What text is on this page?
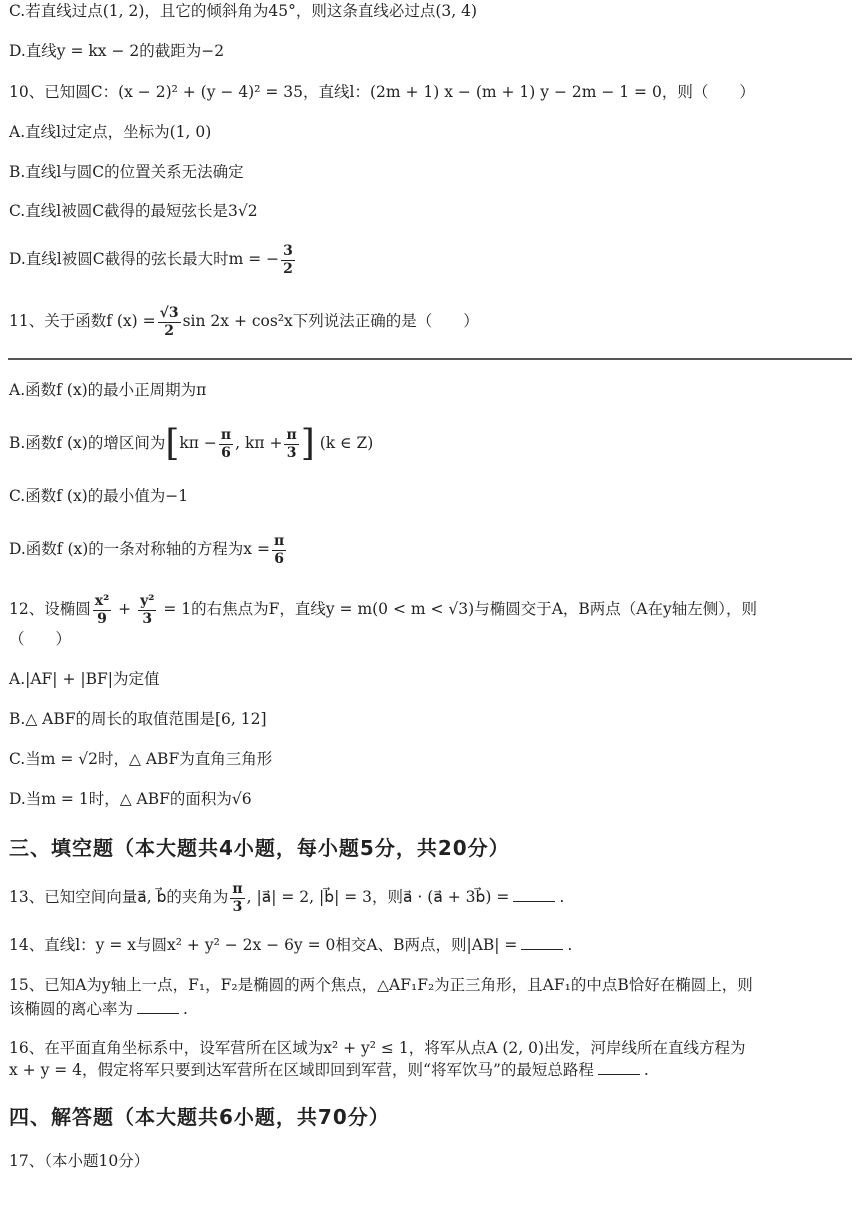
C.若直线过点(1, 2)，且它的倾斜角为45°，则这条直线必过点(3, 4)
D.直线y = kx − 2的截距为−2
10、已知圆C：(x − 2)² + (y − 4)² = 35，直线l：(2m + 1) x − (m + 1) y − 2m − 1 = 0，则（　　）
A.直线l过定点，坐标为(1, 0)
B.直线l与圆C的位置关系无法确定
C.直线l被圆C截得的最短弦长是3√2
D.直线l被圆C截得的弦长最大时m = − $\frac{3}{2}$
11、关于函数f $(x) = \frac{√3}{2}$ sin 2x + cos²x下列说法正确的是（　　）
A.函数f (x)的最小正周期为π
B.函数f (x)的增区间为[$k\pi - \frac{\pi}{6}$ , $k\pi + \frac{\pi}{3}$ ] (k ∈ Z)
C.函数f (x)的最小值为−1
D.函数f (x)的一条对称轴的方程为$x = \frac{\pi}{6}$
12、设椭圆 $\frac{\text{x²}}{9} + \frac{\text{y²}}{3} = 1$的右焦点为F，直线y = m(0 < m < √3)与椭圆交于A，B两点（A在y轴左侧），则
（　　）
A.|AF| + |BF|为定值
B.△ ABF的周长的取值范围是[6, 12]
C.当m = √2时，△ ABF为直角三角形
D.当m = 1时，△ ABF的面积为√6
三、填空题（本大题共4小题，每小题5分，共20分）
13、已知空间向量a⃗, b⃗的夹角为 $\frac{\pi}{3}$ , |a⃗| = 2, |b⃗| = 3，则a⃗ · (a⃗ + 3b⃗) =	.
14、直线l：y = x与圆x² + y² − 2x − 6y = 0相交A、B两点，则|AB| =	.
15、已知A为y轴上一点，F₁，F₂是椭圆的两个焦点，△AF₁F₂为正三角形，且AF₁的中点B恰好在椭圆上，则
该椭圆的离心率为	.
16、在平面直角坐标系中，设军营所在区域为x² + y² ≤ 1，将军从点A (2, 0)出发，河岸线所在直线方程为
x + y = 4，假定将军只要到达军营所在区域即回到军营，则“将军饮马”的最短总路程	.
四、解答题（本大题共6小题，共70分）
17、（本小题10分）
